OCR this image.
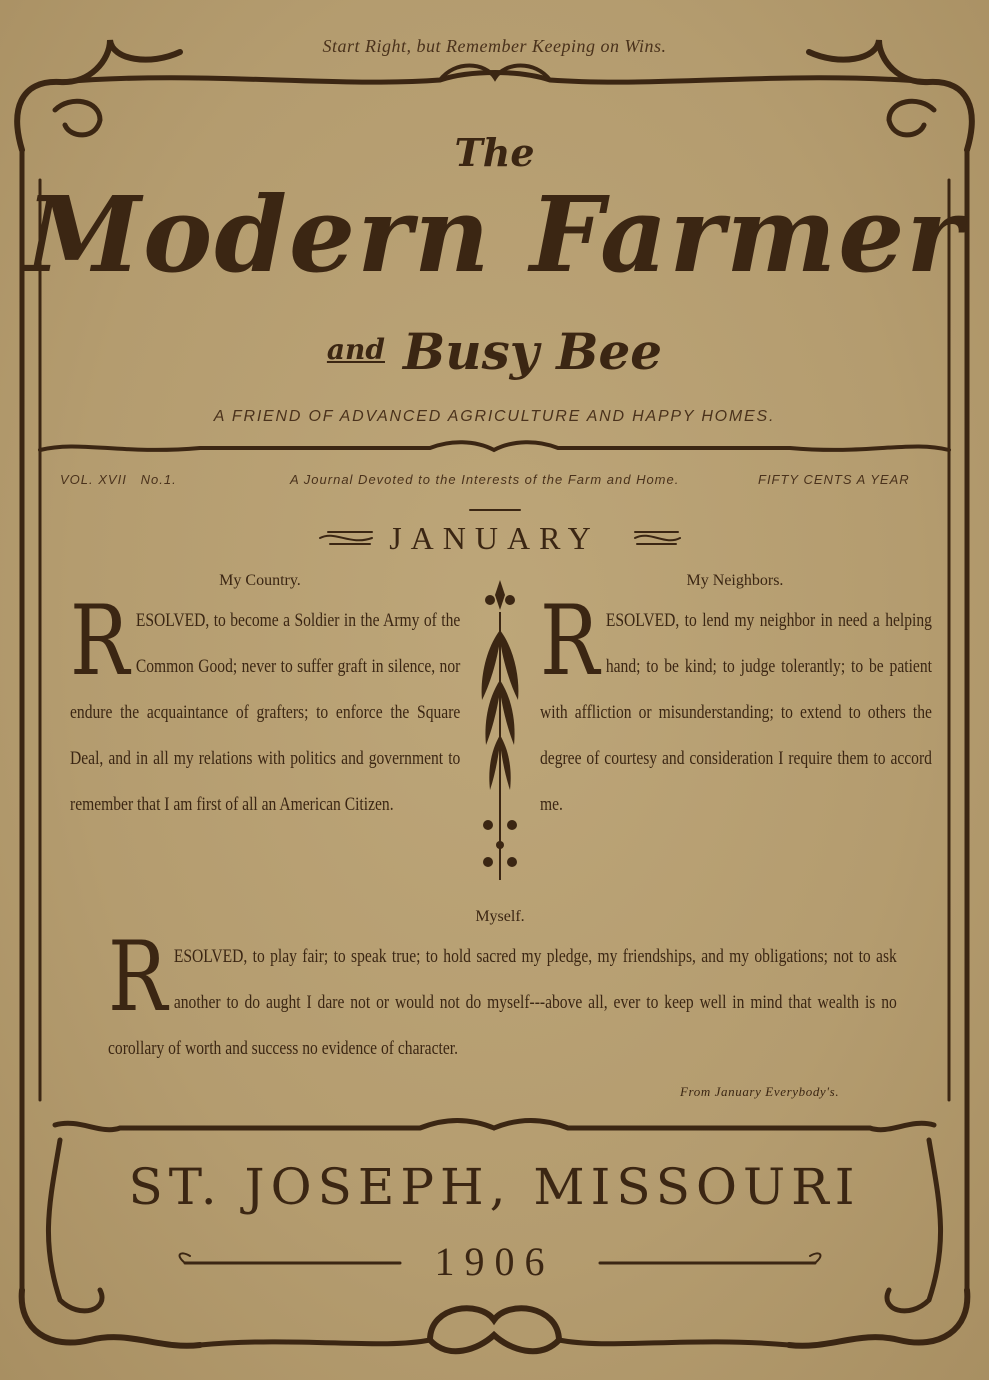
Start Right, but Remember Keeping on Wins.
The
Modern Farmer
$^{and}$ Busy Bee
A FRIEND OF ADVANCED AGRICULTURE AND HAPPY HOMES.
VOL. XVII No.1.	A Journal Devoted to the Interests of the Farm and Home.	FIFTY CENTS A YEAR
JANUARY
My Country.
RESOLVED, to become a Soldier in the Army of the Common Good; never to suffer graft in silence, nor endure the acquaintance of grafters; to enforce the Square Deal, and in all my relations with politics and government to remember that I am first of all an American Citizen.
My Neighbors.
RESOLVED, to lend my neighbor in need a helping hand; to be kind; to judge tolerantly; to be patient with affliction or misunderstanding; to extend to others the degree of courtesy and consideration I require them to accord me.
Myself.
RESOLVED, to play fair; to speak true; to hold sacred my pledge, my friendships, and my obligations; not to ask another to do aught I dare not or would not do myself---above all, ever to keep well in mind that wealth is no corollary of worth and success no evidence of character.
From January Everybody's.
ST. JOSEPH, MISSOURI
1906
